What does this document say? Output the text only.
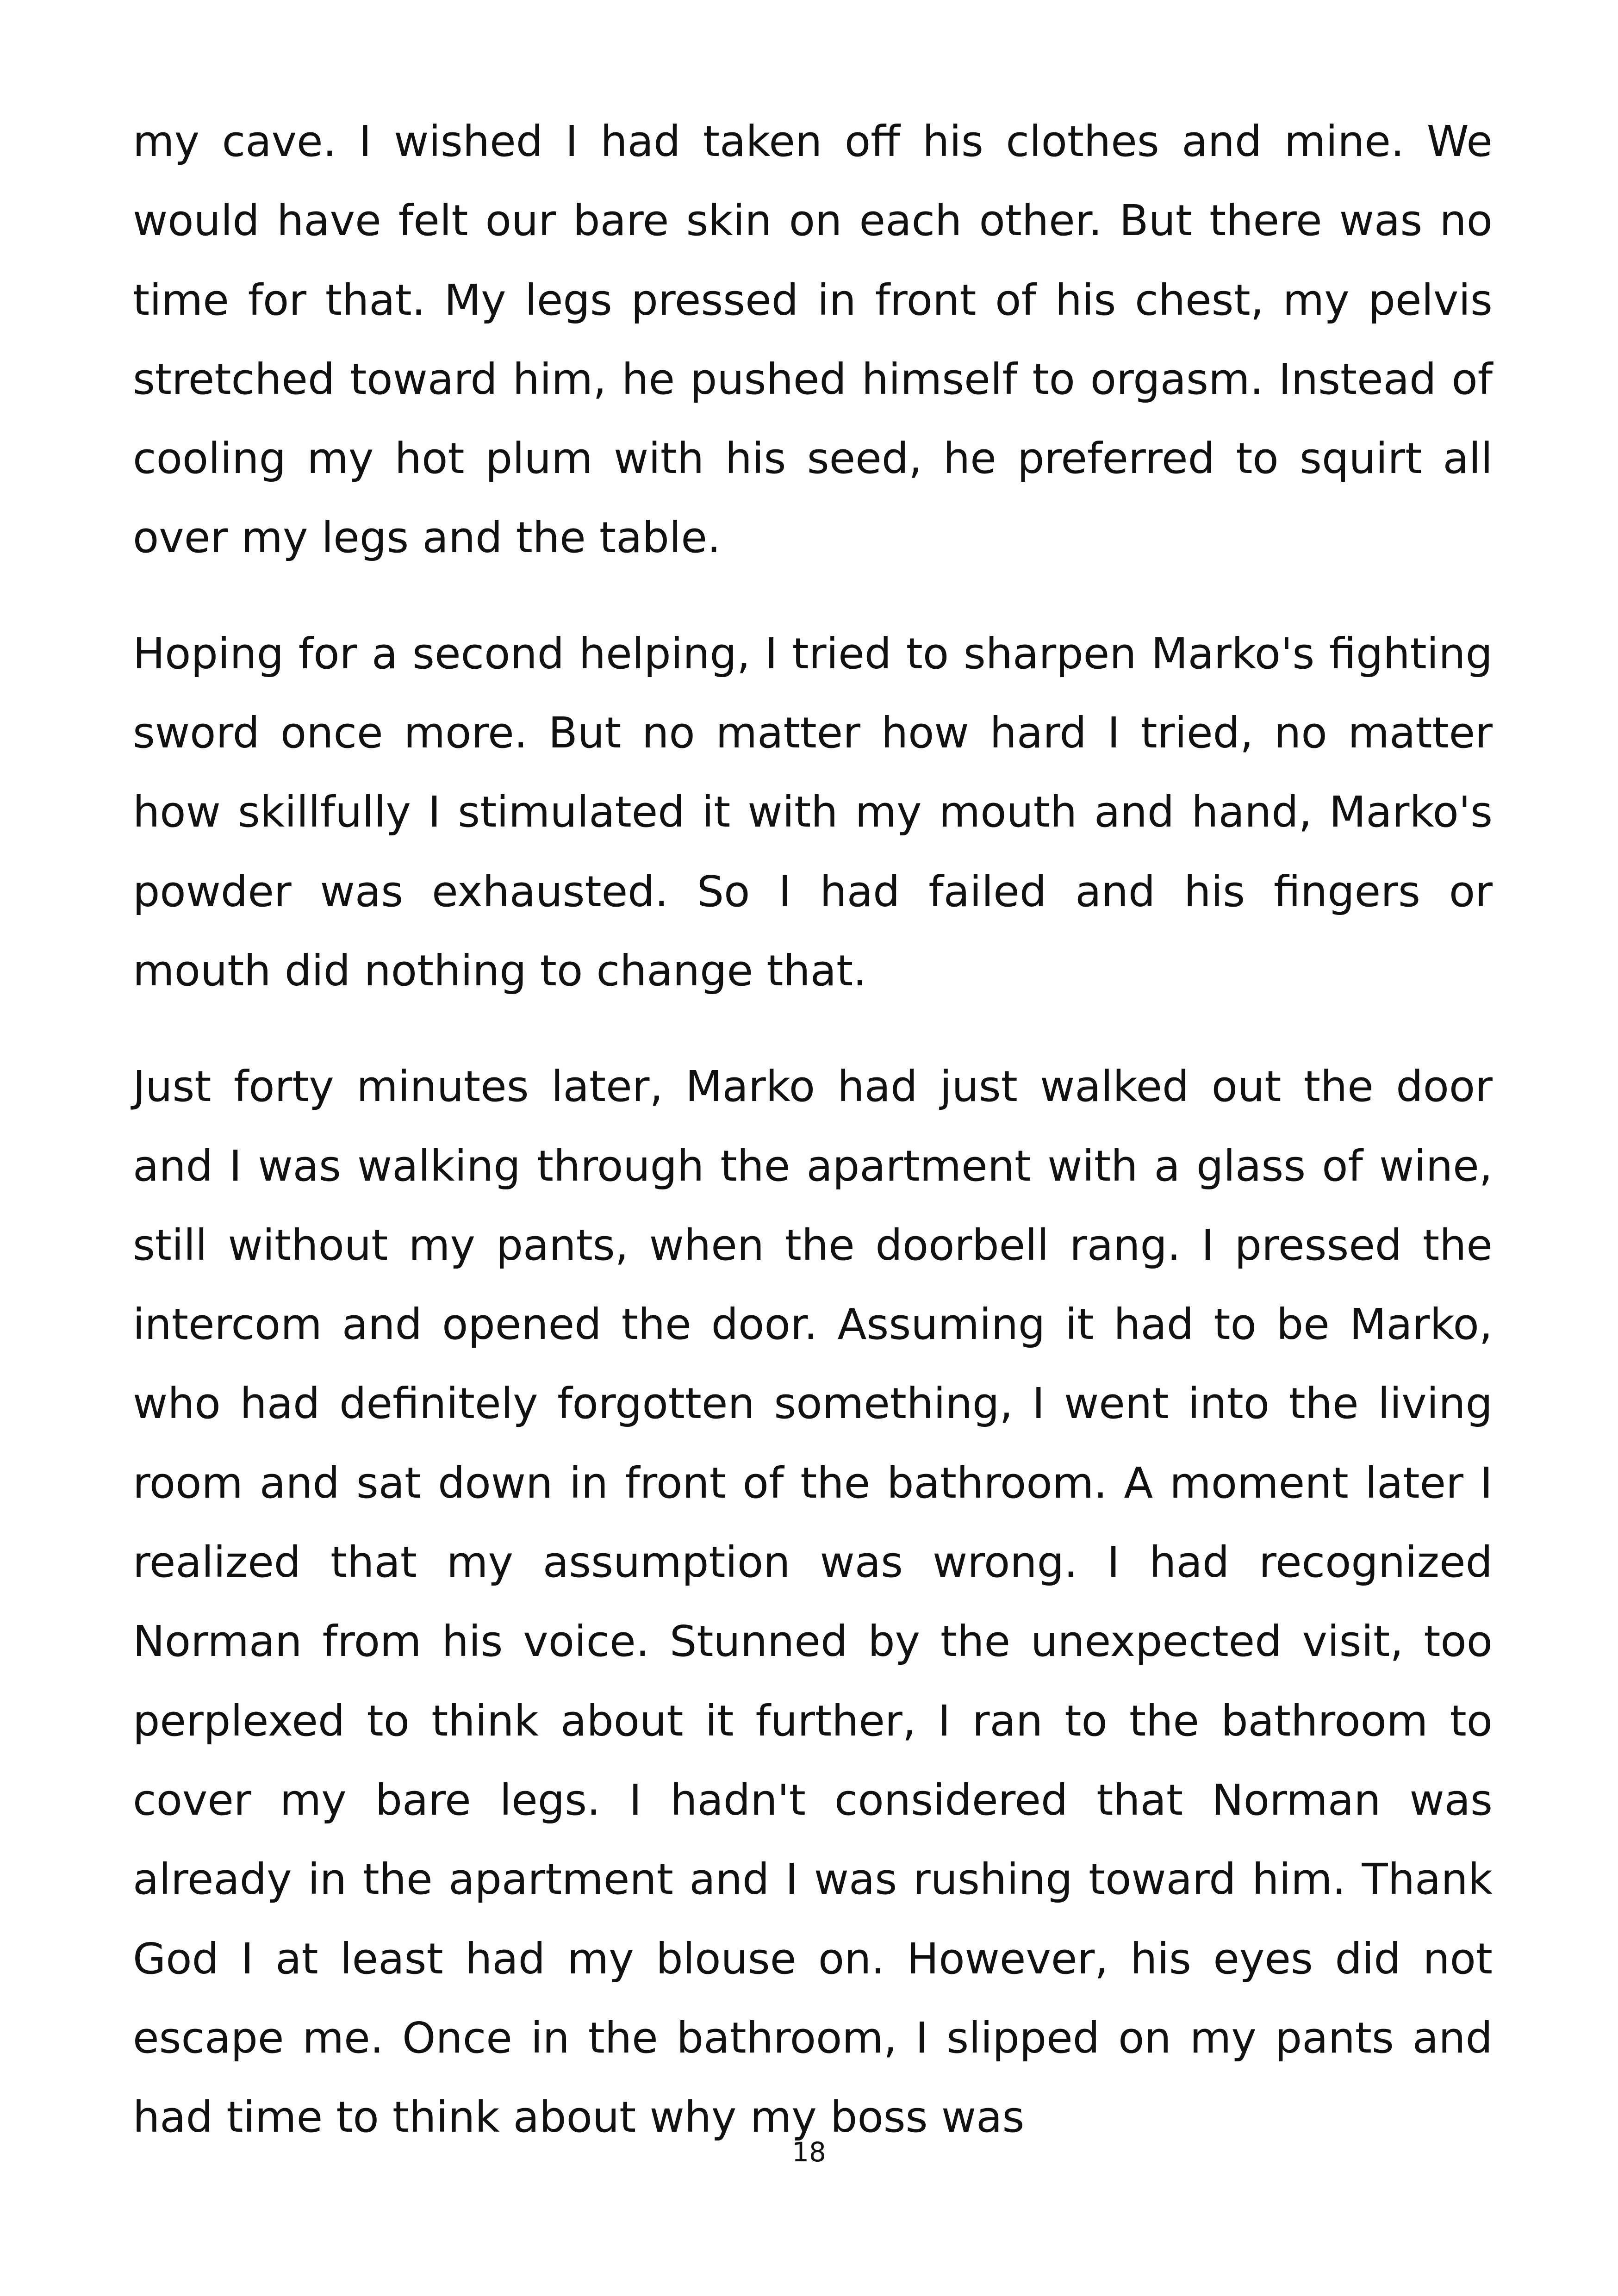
my cave. I wished I had taken off his clothes and mine. We would have felt our bare skin on each other. But there was no time for that. My legs pressed in front of his chest, my pelvis stretched toward him, he pushed himself to orgasm. Instead of cooling my hot plum with his seed, he preferred to squirt all over my legs and the table.

Hoping for a second helping, I tried to sharpen Marko's fighting sword once more. But no matter how hard I tried, no matter how skillfully I stimulated it with my mouth and hand, Marko's powder was exhausted. So I had failed and his fingers or mouth did nothing to change that.

Just forty minutes later, Marko had just walked out the door and I was walking through the apartment with a glass of wine, still without my pants, when the doorbell rang. I pressed the intercom and opened the door. Assuming it had to be Marko, who had definitely forgotten something, I went into the living room and sat down in front of the bathroom. A moment later I realized that my assumption was wrong. I had recognized Norman from his voice. Stunned by the unexpected visit, too perplexed to think about it further, I ran to the bathroom to cover my bare legs. I hadn't considered that Norman was already in the apartment and I was rushing toward him. Thank God I at least had my blouse on. However, his eyes did not escape me. Once in the bathroom, I slipped on my pants and had time to think about why my boss was

18
